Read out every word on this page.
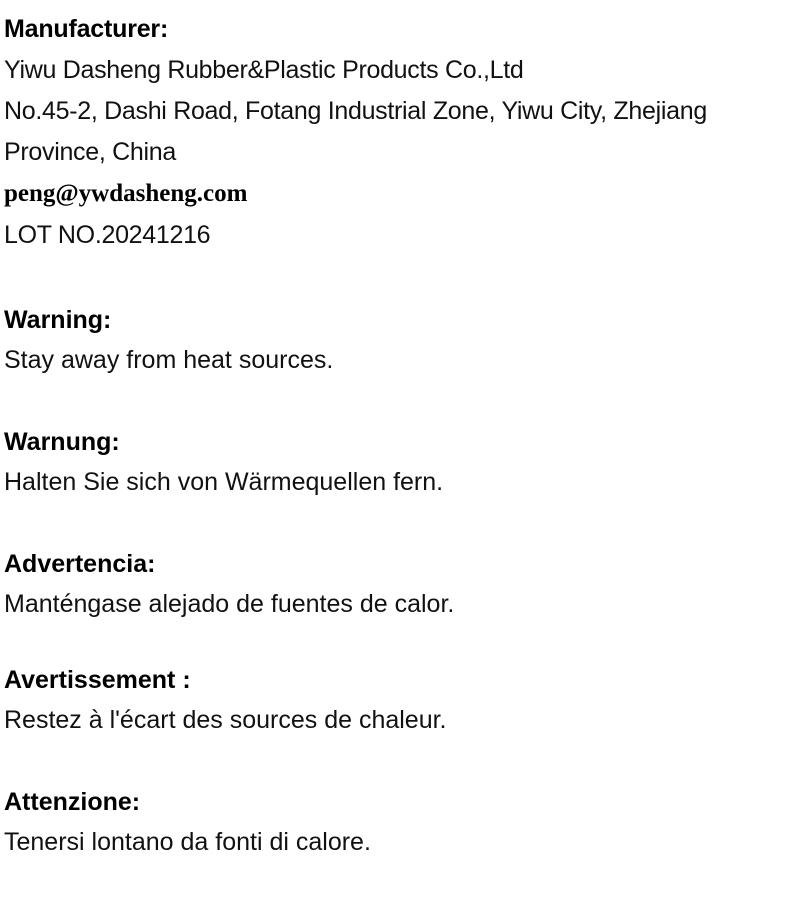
Manufacturer:
Yiwu Dasheng Rubber&Plastic Products Co.,Ltd
No.45-2, Dashi Road, Fotang Industrial Zone, Yiwu City, Zhejiang
Province, China
peng@ywdasheng.com
LOT NO.20241216
Warning:
Stay away from heat sources.
Warnung:
Halten Sie sich von Wärmequellen fern.
Advertencia:
Manténgase alejado de fuentes de calor.
Avertissement :
Restez à l'écart des sources de chaleur.
Attenzione:
Tenersi lontano da fonti di calore.
